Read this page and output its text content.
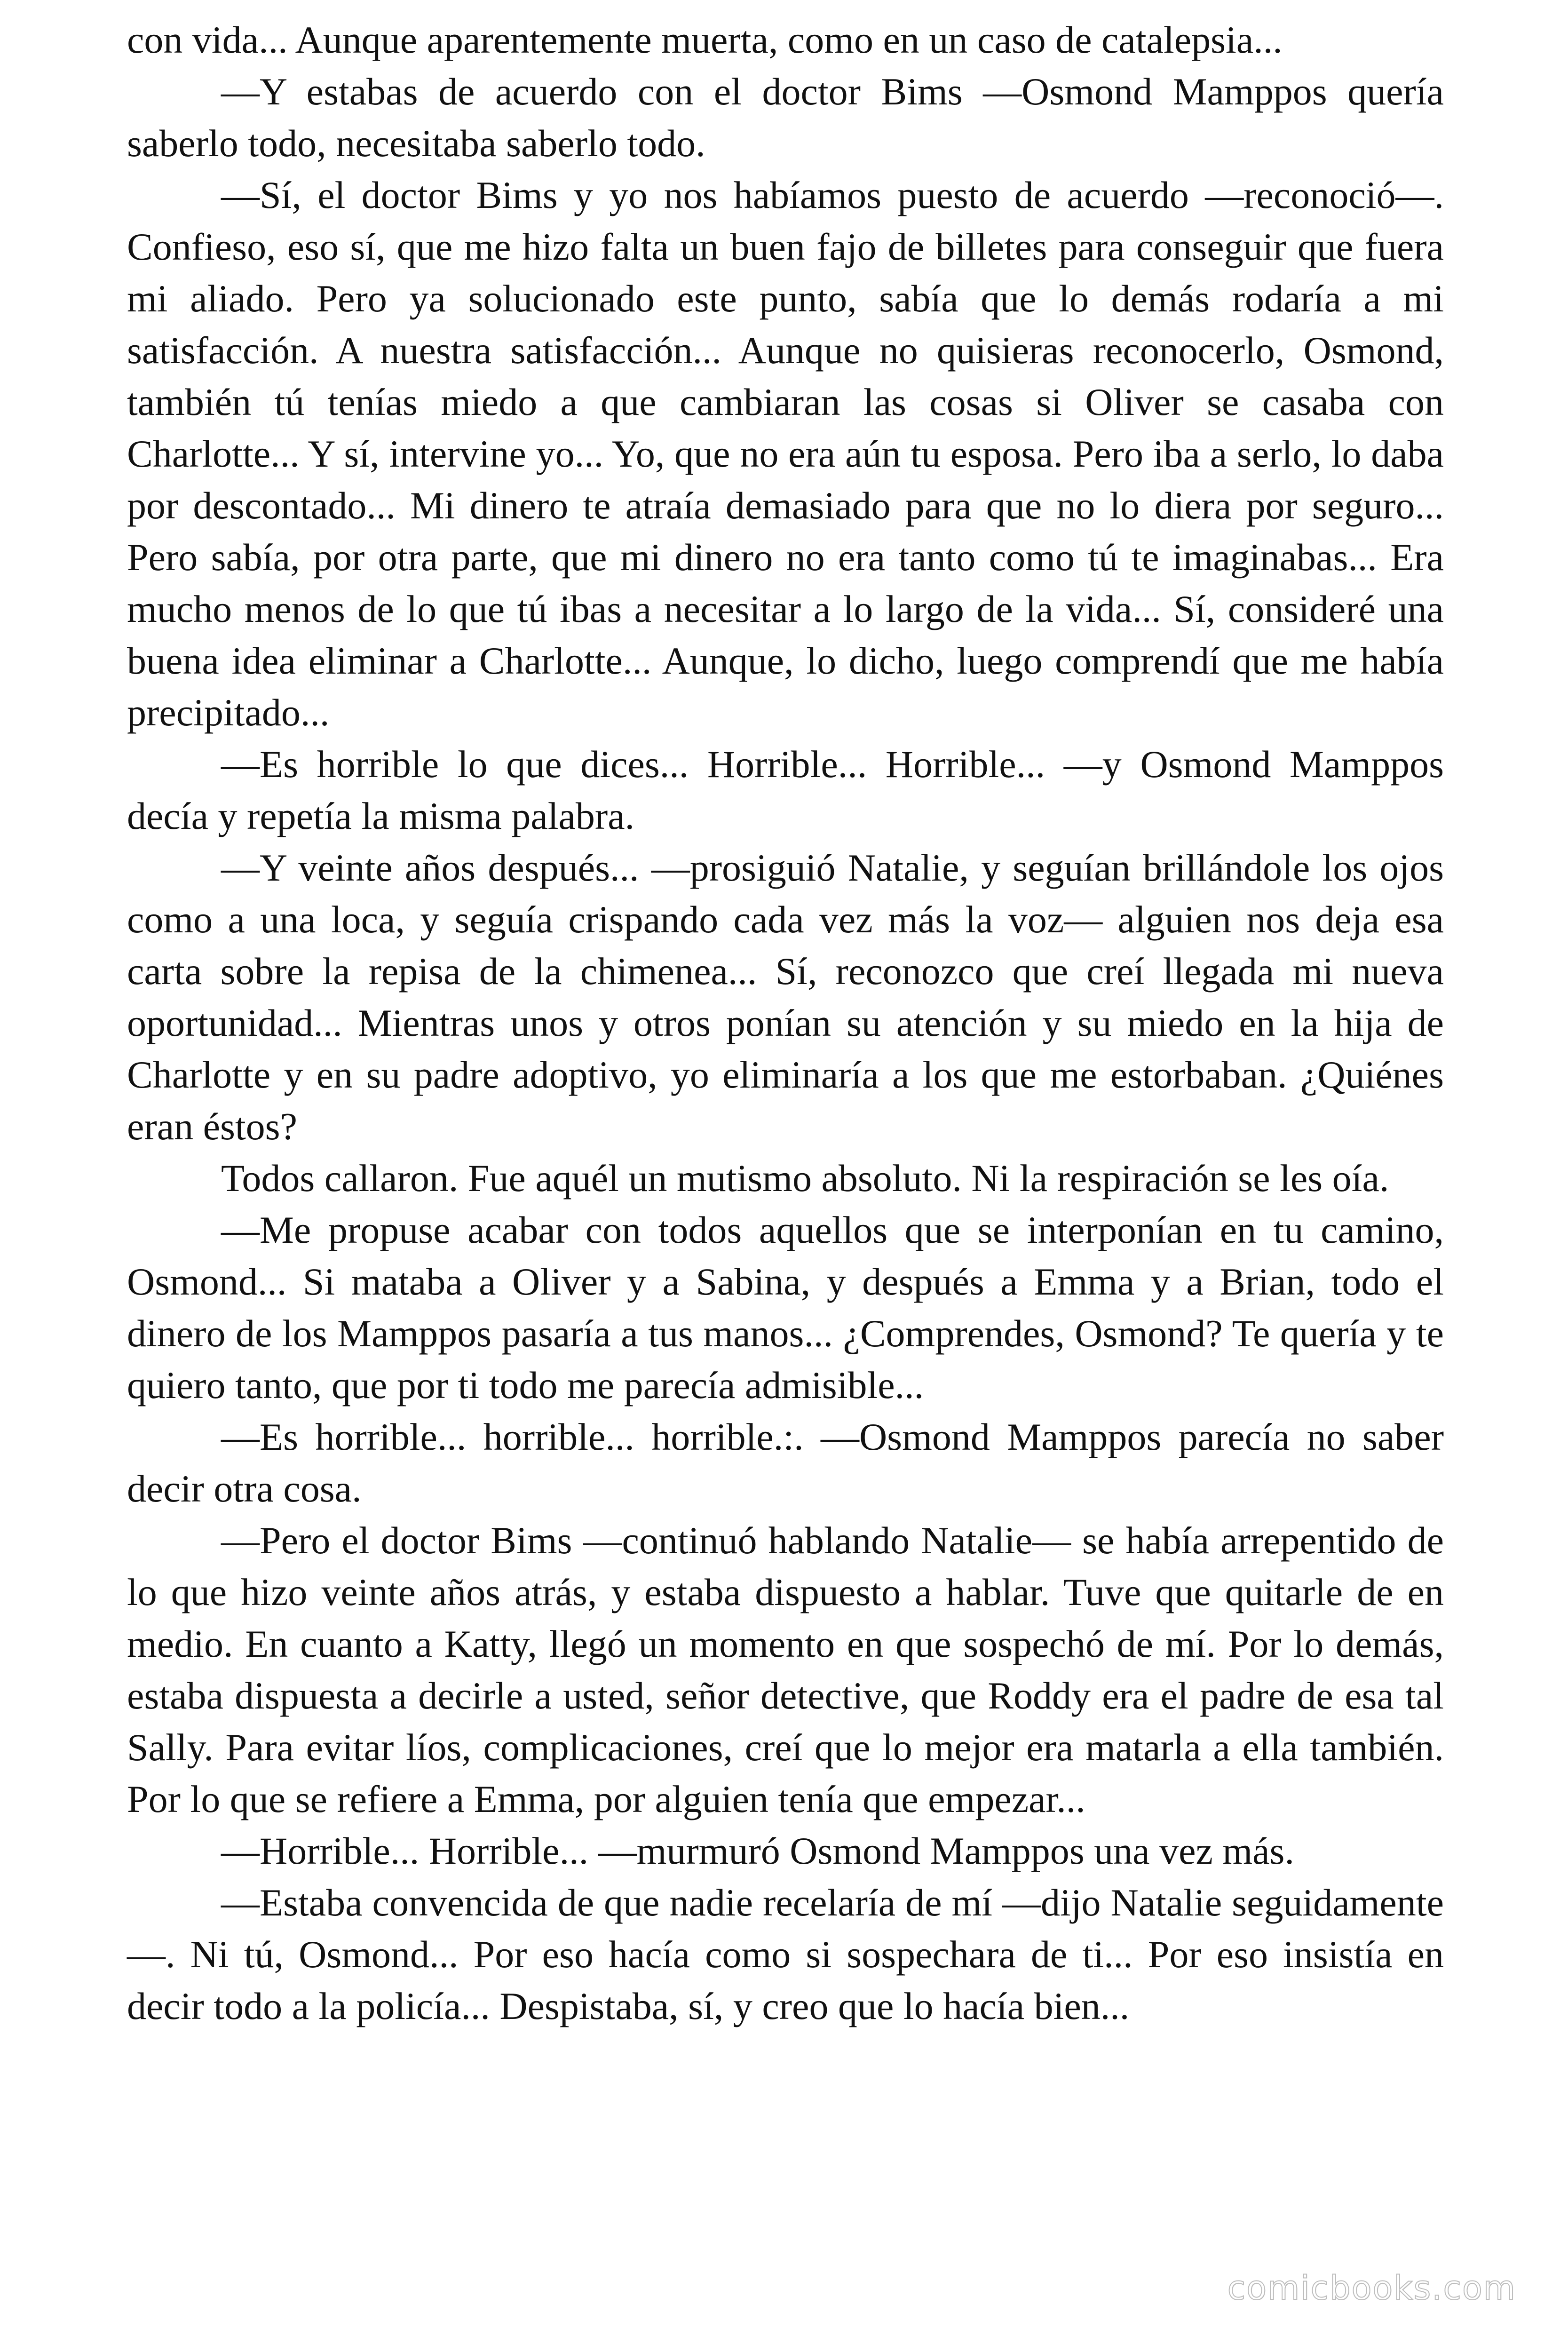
con vida... Aunque aparentemente muerta, como en un caso de catalepsia...

—Y estabas de acuerdo con el doctor Bims —Osmond Mamppos quería saberlo todo, necesitaba saberlo todo.

—Sí, el doctor Bims y yo nos habíamos puesto de acuerdo —reconoció—. Confieso, eso sí, que me hizo falta un buen fajo de billetes para conseguir que fuera mi aliado. Pero ya solucionado este punto, sabía que lo demás rodaría a mi satisfacción. A nuestra satisfacción... Aunque no quisieras reconocerlo, Osmond, también tú tenías miedo a que cambiaran las cosas si Oliver se casaba con Charlotte... Y sí, intervine yo... Yo, que no era aún tu esposa. Pero iba a serlo, lo daba por descontado... Mi dinero te atraía demasiado para que no lo diera por seguro... Pero sabía, por otra parte, que mi dinero no era tanto como tú te imaginabas... Era mucho menos de lo que tú ibas a necesitar a lo largo de la vida... Sí, consideré una buena idea eliminar a Charlotte... Aunque, lo dicho, luego comprendí que me había precipitado...

—Es horrible lo que dices... Horrible... Horrible... —y Osmond Mamppos decía y repetía la misma palabra.

—Y veinte años después... —prosiguió Natalie, y seguían brillándole los ojos como a una loca, y seguía crispando cada vez más la voz— alguien nos deja esa carta sobre la repisa de la chimenea... Sí, reconozco que creí llegada mi nueva oportunidad... Mientras unos y otros ponían su atención y su miedo en la hija de Charlotte y en su padre adoptivo, yo eliminaría a los que me estorbaban. ¿Quiénes eran éstos?

Todos callaron. Fue aquél un mutismo absoluto. Ni la respiración se les oía.

—Me propuse acabar con todos aquellos que se interponían en tu camino, Osmond... Si mataba a Oliver y a Sabina, y después a Emma y a Brian, todo el dinero de los Mamppos pasaría a tus manos... ¿Comprendes, Osmond? Te quería y te quiero tanto, que por ti todo me parecía admisible...

—Es horrible... horrible... horrible.:. —Osmond Mamppos parecía no saber decir otra cosa.

—Pero el doctor Bims —continuó hablando Natalie— se había arrepentido de lo que hizo veinte años atrás, y estaba dispuesto a hablar. Tuve que quitarle de en medio. En cuanto a Katty, llegó un momento en que sospechó de mí. Por lo demás, estaba dispuesta a decirle a usted, señor detective, que Roddy era el padre de esa tal Sally. Para evitar líos, complicaciones, creí que lo mejor era matarla a ella también. Por lo que se refiere a Emma, por alguien tenía que empezar...

—Horrible... Horrible... —murmuró Osmond Mamppos una vez más.

—Estaba convencida de que nadie recelaría de mí —dijo Natalie seguidamente—. Ni tú, Osmond... Por eso hacía como si sospechara de ti... Por eso insistía en decir todo a la policía... Despistaba, sí, y creo que lo hacía bien...

comicbooks.com
